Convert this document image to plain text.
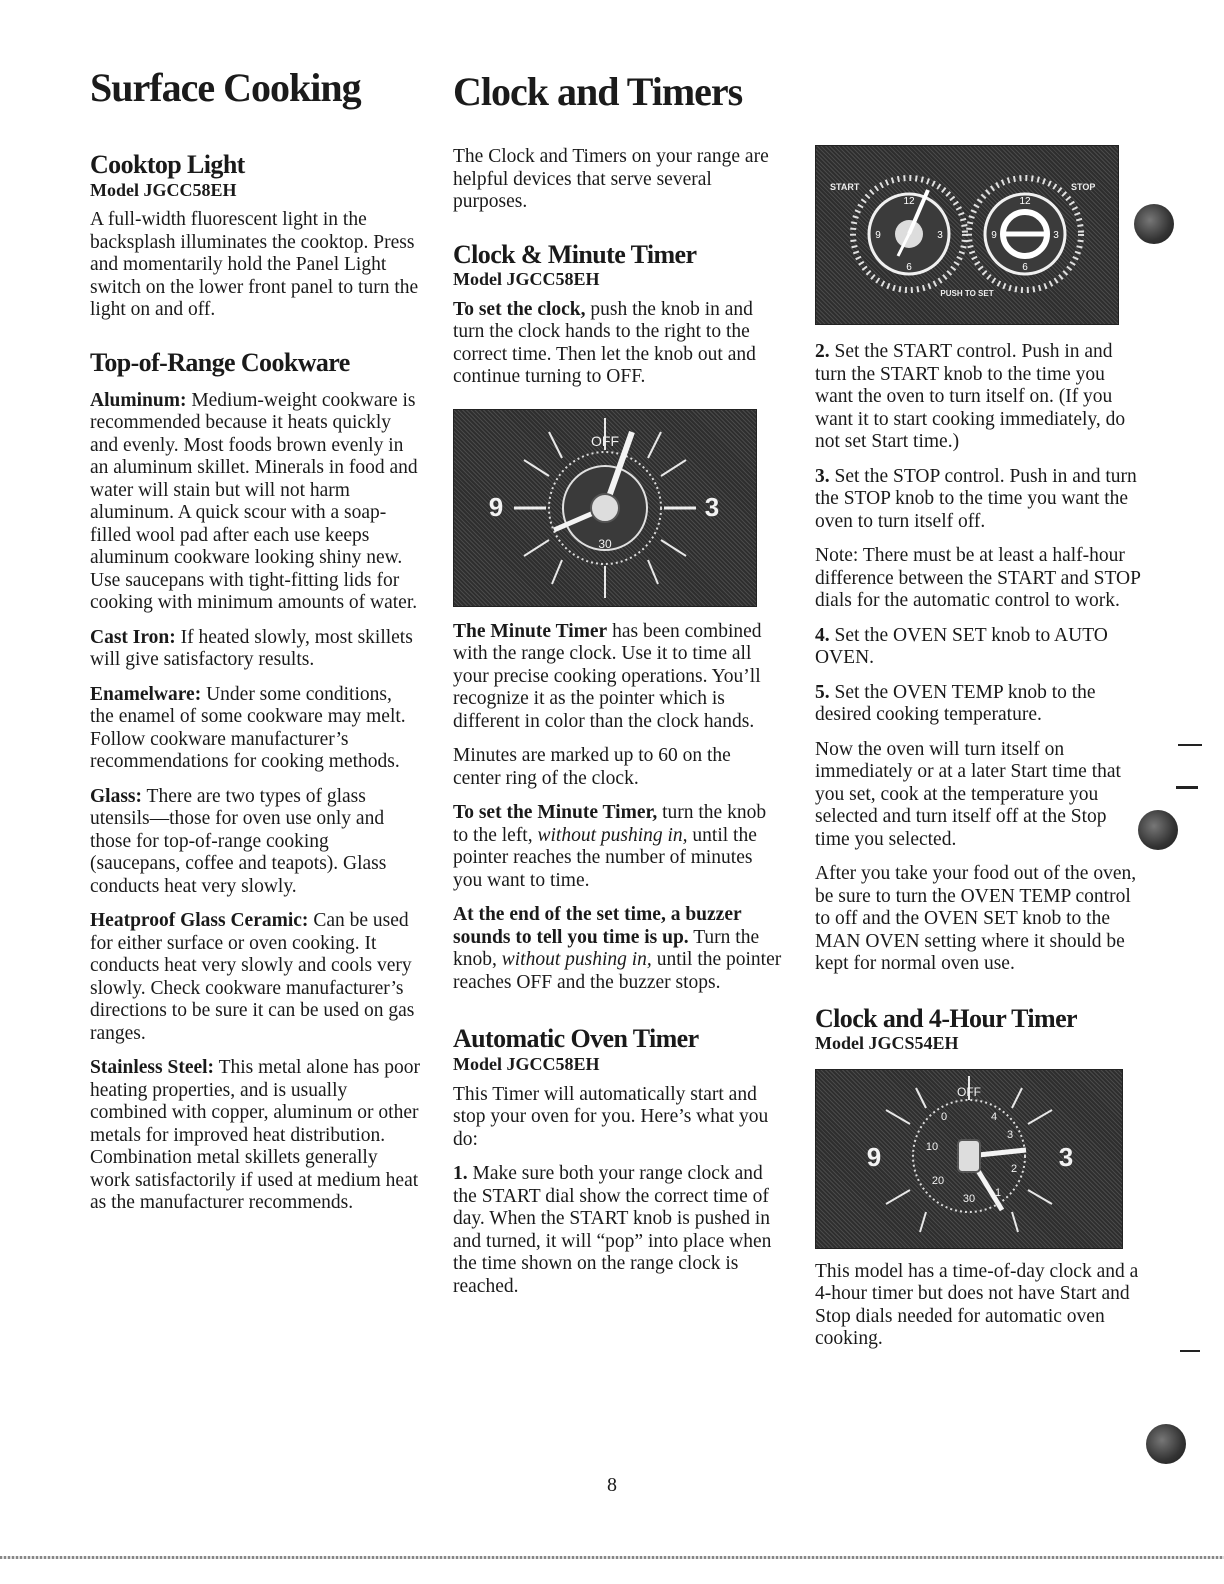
Surface Cooking
Cooktop Light
Model JGCC58EH

A full-width fluorescent light in the backsplash illuminates the cooktop. Press and momentarily hold the Panel Light switch on the lower front panel to turn the light on and off.

Top-of-Range Cookware

Aluminum: Medium-weight cookware is recommended because it heats quickly and evenly. Most foods brown evenly in an aluminum skillet. Minerals in food and water will stain but will not harm aluminum. A quick scour with a soap-filled wool pad after each use keeps aluminum cookware looking shiny new. Use saucepans with tight-fitting lids for cooking with minimum amounts of water.

Cast Iron: If heated slowly, most skillets will give satisfactory results.

Enamelware: Under some conditions, the enamel of some cookware may melt. Follow cookware manufacturer’s recommendations for cooking methods.

Glass: There are two types of glass utensils—those for oven use only and those for top-of-range cooking (saucepans, coffee and teapots). Glass conducts heat very slowly.

Heatproof Glass Ceramic: Can be used for either surface or oven cooking. It conducts heat very slowly and cools very slowly. Check cookware manufacturer’s directions to be sure it can be used on gas ranges.

Stainless Steel: This metal alone has poor heating properties, and is usually combined with copper, aluminum or other metals for improved heat distribution. Combination metal skillets generally work satisfactorily if used at medium heat as the manufacturer recommends.

Clock and Timers

The Clock and Timers on your range are helpful devices that serve several purposes.

Clock & Minute Timer
Model JGCC58EH

To set the clock, push the knob in and turn the clock hands to the right to the correct time. Then let the knob out and continue turning to OFF.

OFF
9	3
30

The Minute Timer has been combined with the range clock. Use it to time all your precise cooking operations. You’ll recognize it as the pointer which is different in color than the clock hands.

Minutes are marked up to 60 on the center ring of the clock.

To set the Minute Timer, turn the knob to the left, without pushing in, until the pointer reaches the number of minutes you want to time.

At the end of the set time, a buzzer sounds to tell you time is up. Turn the knob, without pushing in, until the pointer reaches OFF and the buzzer stops.

Automatic Oven Timer
Model JGCC58EH

This Timer will automatically start and stop your oven for you. Here’s what you do:

1. Make sure both your range clock and the START dial show the correct time of day. When the START knob is pushed in and turned, it will “pop” into place when the time shown on the range clock is reached.

START	STOP
12
9	3
6
12
9	3
6
PUSH TO SET

2. Set the START control. Push in and turn the START knob to the time you want the oven to turn itself on. (If you want it to start cooking immediately, do not set Start time.)

3. Set the STOP control. Push in and turn the STOP knob to the time you want the oven to turn itself off.

Note: There must be at least a half-hour difference between the START and STOP dials for the automatic control to work.

4. Set the OVEN SET knob to AUTO OVEN.

5. Set the OVEN TEMP knob to the desired cooking temperature.

Now the oven will turn itself on immediately or at a later Start time that you set, cook at the temperature you selected and turn itself off at the Stop time you selected.

After you take your food out of the oven, be sure to turn the OVEN TEMP control to off and the OVEN SET knob to the MAN OVEN setting where it should be kept for normal oven use.

Clock and 4-Hour Timer
Model JGCS54EH
OFF
0	4
3
2
1
10
20
30
9	3

This model has a time-of-day clock and a 4-hour timer but does not have Start and Stop dials needed for automatic oven cooking.

8
